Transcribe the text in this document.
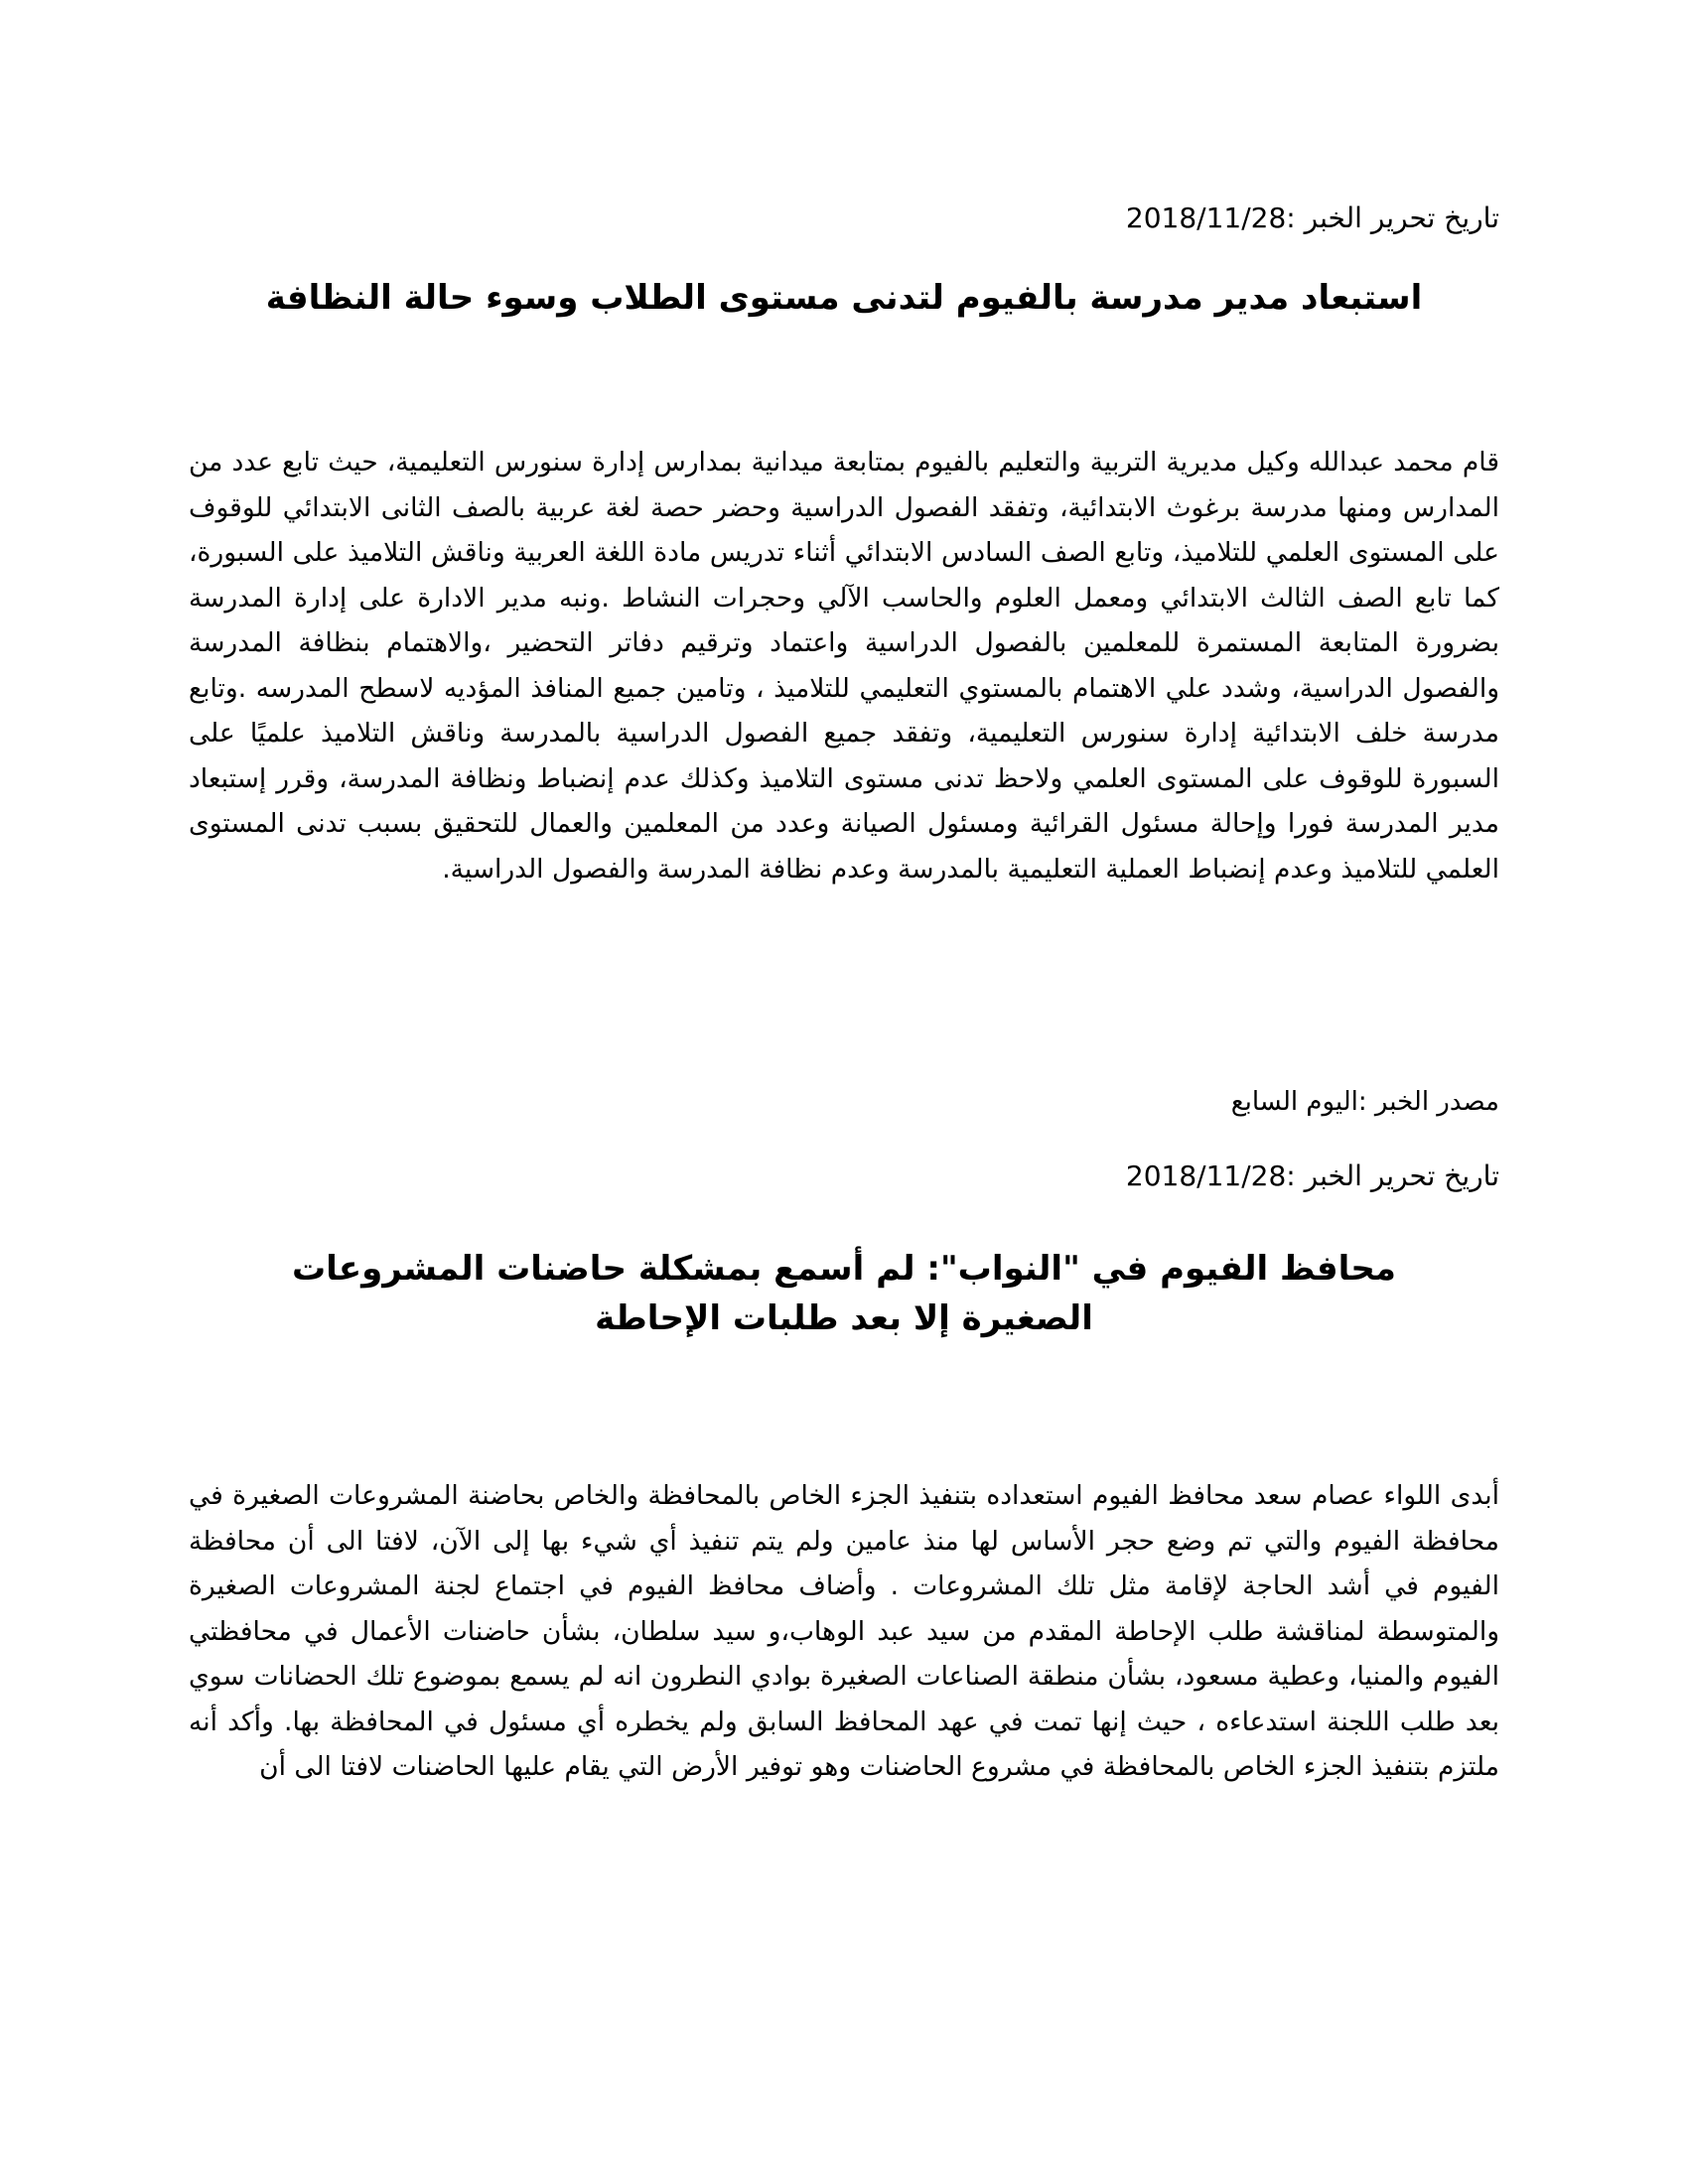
تاريخ تحرير الخبر :2018/11/28
استبعاد مدير مدرسة بالفيوم لتدنى مستوى الطلاب وسوء حالة النظافة
قام محمد عبدالله وكيل مديرية التربية والتعليم بالفيوم بمتابعة ميدانية بمدارس إدارة سنورس التعليمية، حيث تابع عدد من المدارس ومنها مدرسة برغوث الابتدائية، وتفقد الفصول الدراسية وحضر حصة لغة عربية بالصف الثانى الابتدائي للوقوف على المستوى العلمي للتلاميذ، وتابع الصف السادس الابتدائي أثناء تدريس مادة اللغة العربية وناقش التلاميذ على السبورة، كما تابع الصف الثالث الابتدائي ومعمل العلوم والحاسب الآلي وحجرات النشاط .ونبه مدير الادارة على إدارة المدرسة بضرورة المتابعة المستمرة للمعلمين بالفصول الدراسية واعتماد وترقيم دفاتر التحضير ،والاهتمام بنظافة المدرسة والفصول الدراسية، وشدد علي الاهتمام بالمستوي التعليمي للتلاميذ ، وتامين جميع المنافذ المؤديه لاسطح المدرسه .وتابع مدرسة خلف الابتدائية إدارة سنورس التعليمية، وتفقد جميع الفصول الدراسية بالمدرسة وناقش التلاميذ علميًا على السبورة للوقوف على المستوى العلمي ولاحظ تدنى مستوى التلاميذ وكذلك عدم إنضباط ونظافة المدرسة، وقرر إستبعاد مدير المدرسة فورا وإحالة مسئول القرائية ومسئول الصيانة وعدد من المعلمين والعمال للتحقيق بسبب تدنى المستوى العلمي للتلاميذ وعدم إنضباط العملية التعليمية بالمدرسة وعدم نظافة المدرسة والفصول الدراسية.
مصدر الخبر :اليوم السابع
تاريخ تحرير الخبر :2018/11/28
محافظ الفيوم في "النواب": لم أسمع بمشكلة حاضنات المشروعات الصغيرة إلا بعد طلبات الإحاطة
أبدى اللواء عصام سعد محافظ الفيوم استعداده بتنفيذ الجزء الخاص بالمحافظة والخاص بحاضنة المشروعات الصغيرة في محافظة الفيوم والتي تم وضع حجر الأساس لها منذ عامين ولم يتم تنفيذ أي شيء بها إلى الآن، لافتا الى أن محافظة الفيوم في أشد الحاجة لإقامة مثل تلك المشروعات . وأضاف محافظ الفيوم في اجتماع لجنة المشروعات الصغيرة والمتوسطة لمناقشة طلب الإحاطة المقدم من سيد عبد الوهاب،و سيد سلطان، بشأن حاضنات الأعمال في محافظتي الفيوم والمنيا، وعطية مسعود، بشأن منطقة الصناعات الصغيرة بوادي النطرون انه لم يسمع بموضوع تلك الحضانات سوي بعد طلب اللجنة استدعاءه ، حيث إنها تمت في عهد المحافظ السابق ولم يخطره أي مسئول في المحافظة بها. وأكد أنه ملتزم بتنفيذ الجزء الخاص بالمحافظة في مشروع الحاضنات وهو توفير الأرض التي يقام عليها الحاضنات لافتا الى أن
